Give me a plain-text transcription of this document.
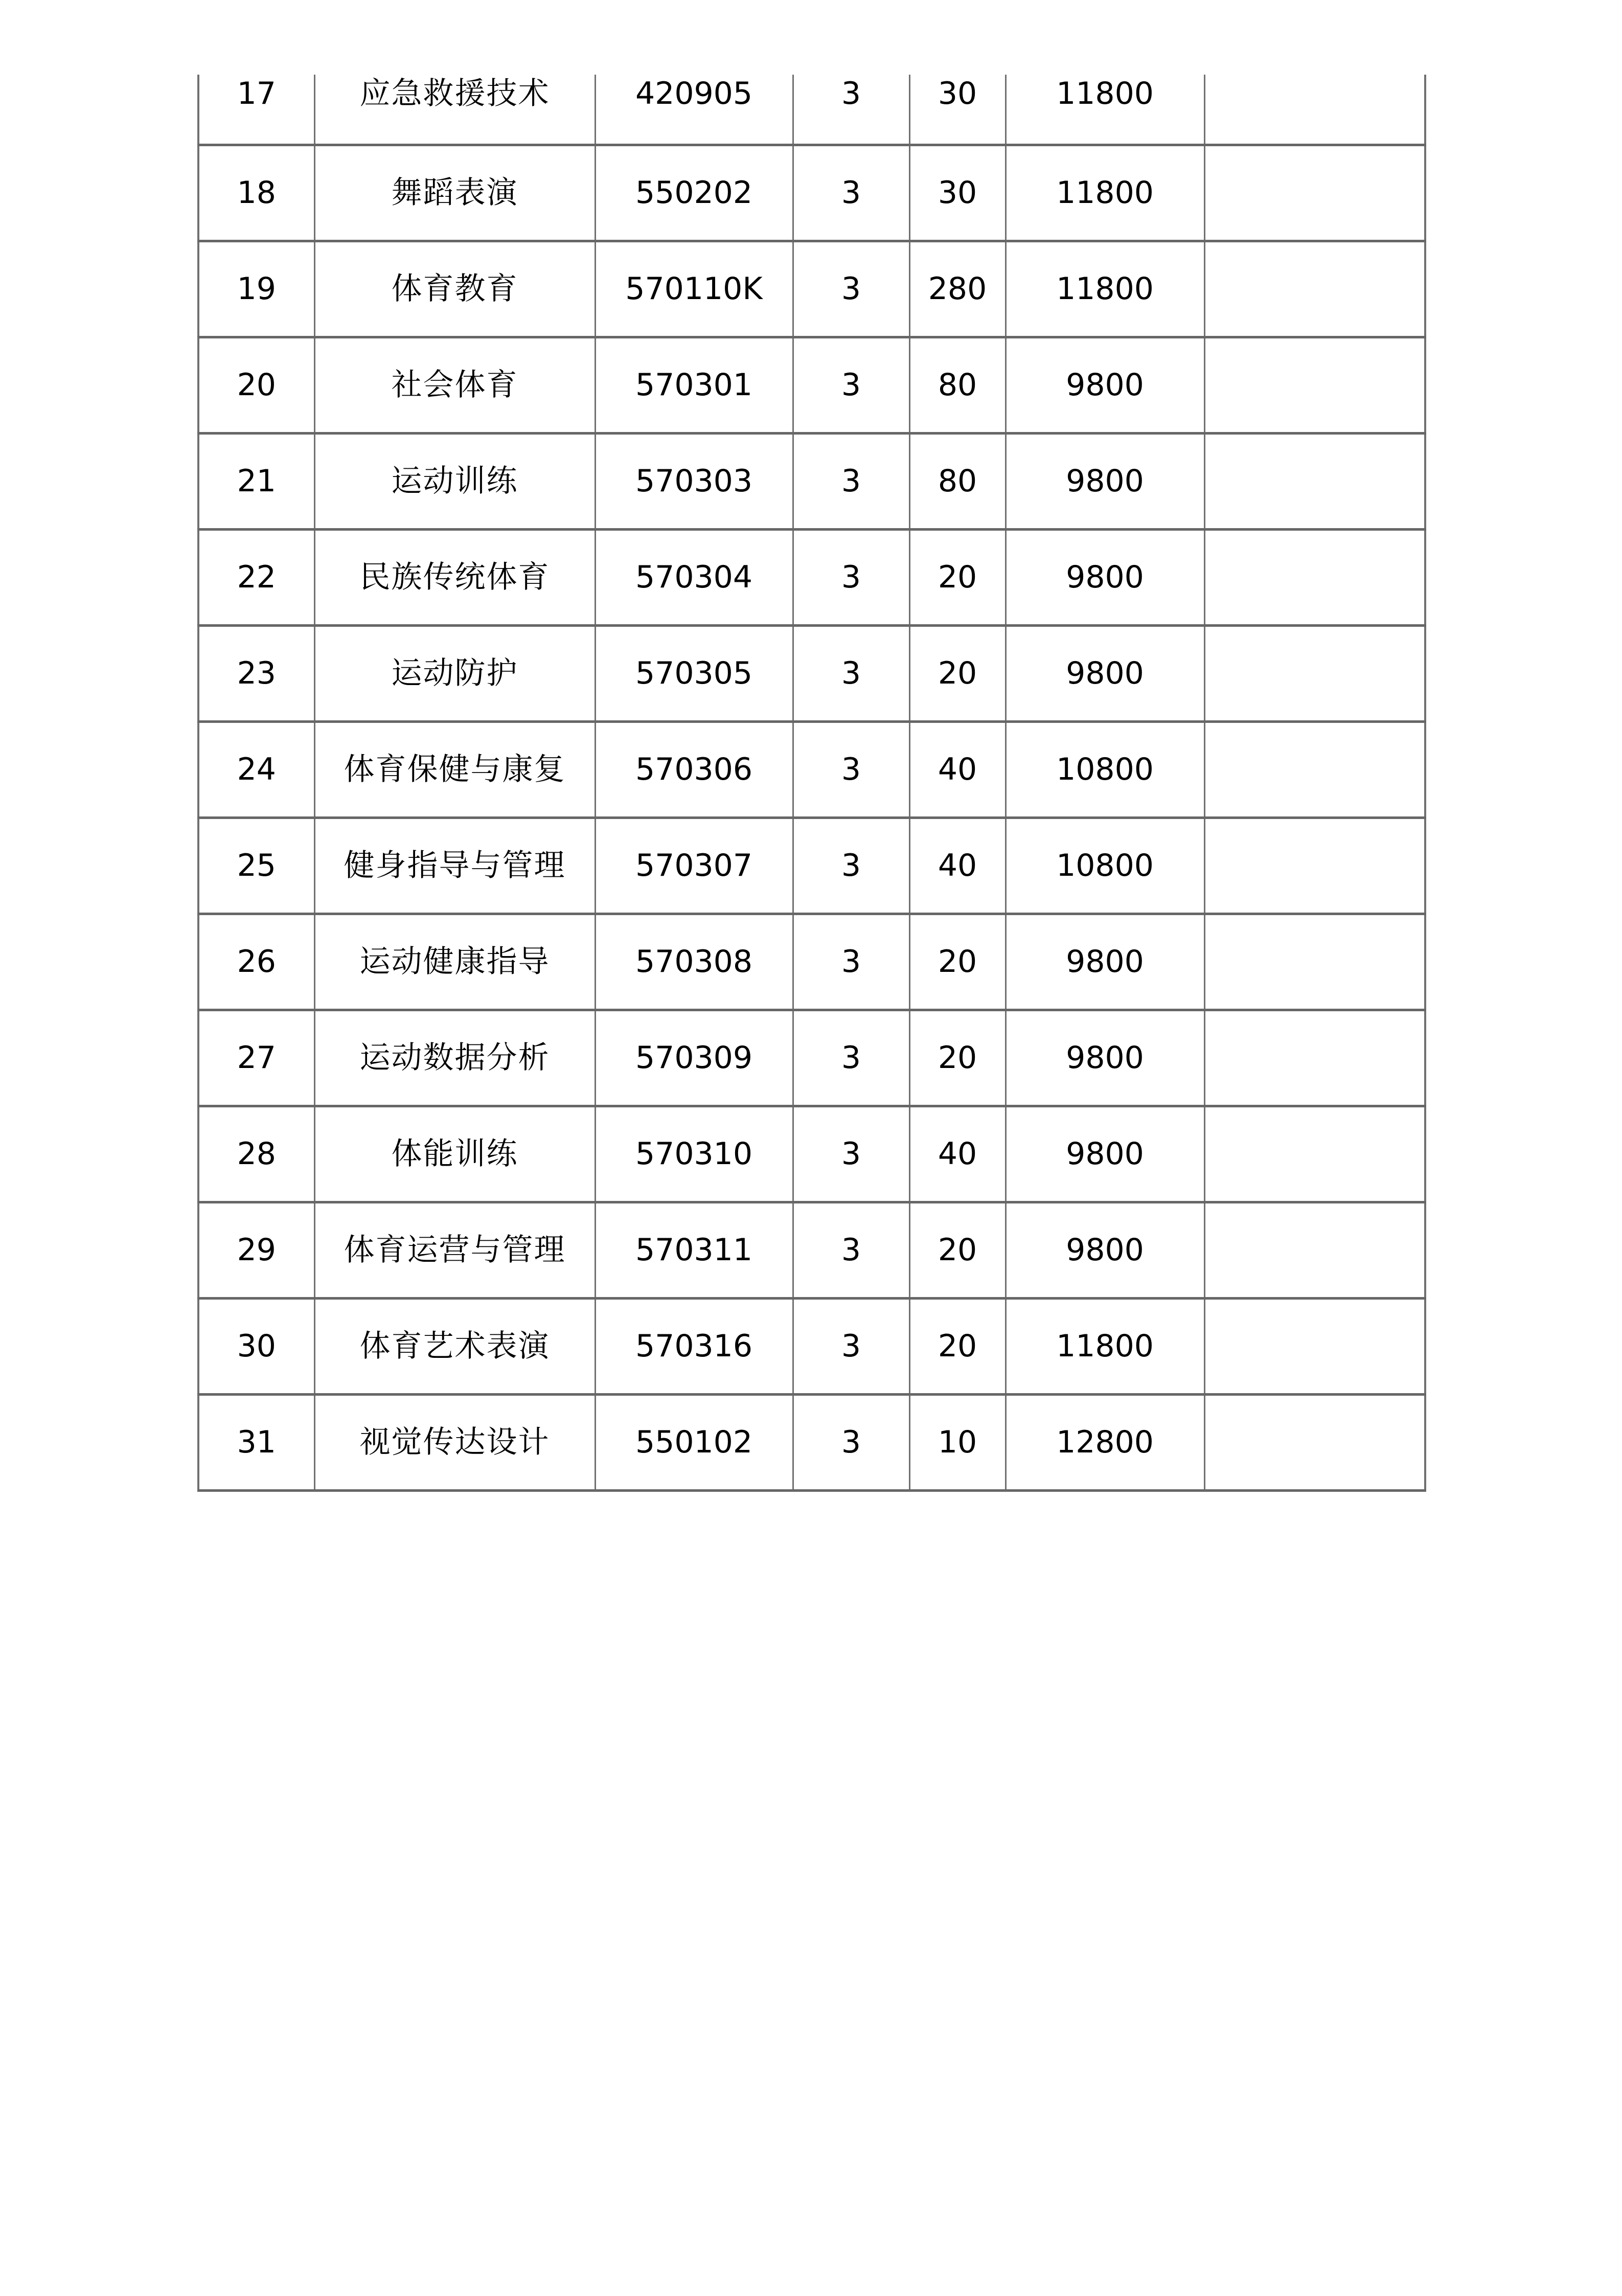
17	应急救援技术	420905	3	30	11800	
18	舞蹈表演	550202	3	30	11800	
19	体育教育	570110K	3	280	11800	
20	社会体育	570301	3	80	9800	
21	运动训练	570303	3	80	9800	
22	民族传统体育	570304	3	20	9800	
23	运动防护	570305	3	20	9800	
24	体育保健与康复	570306	3	40	10800	
25	健身指导与管理	570307	3	40	10800	
26	运动健康指导	570308	3	20	9800	
27	运动数据分析	570309	3	20	9800	
28	体能训练	570310	3	40	9800	
29	体育运营与管理	570311	3	20	9800	
30	体育艺术表演	570316	3	20	11800	
31	视觉传达设计	550102	3	10	12800	
